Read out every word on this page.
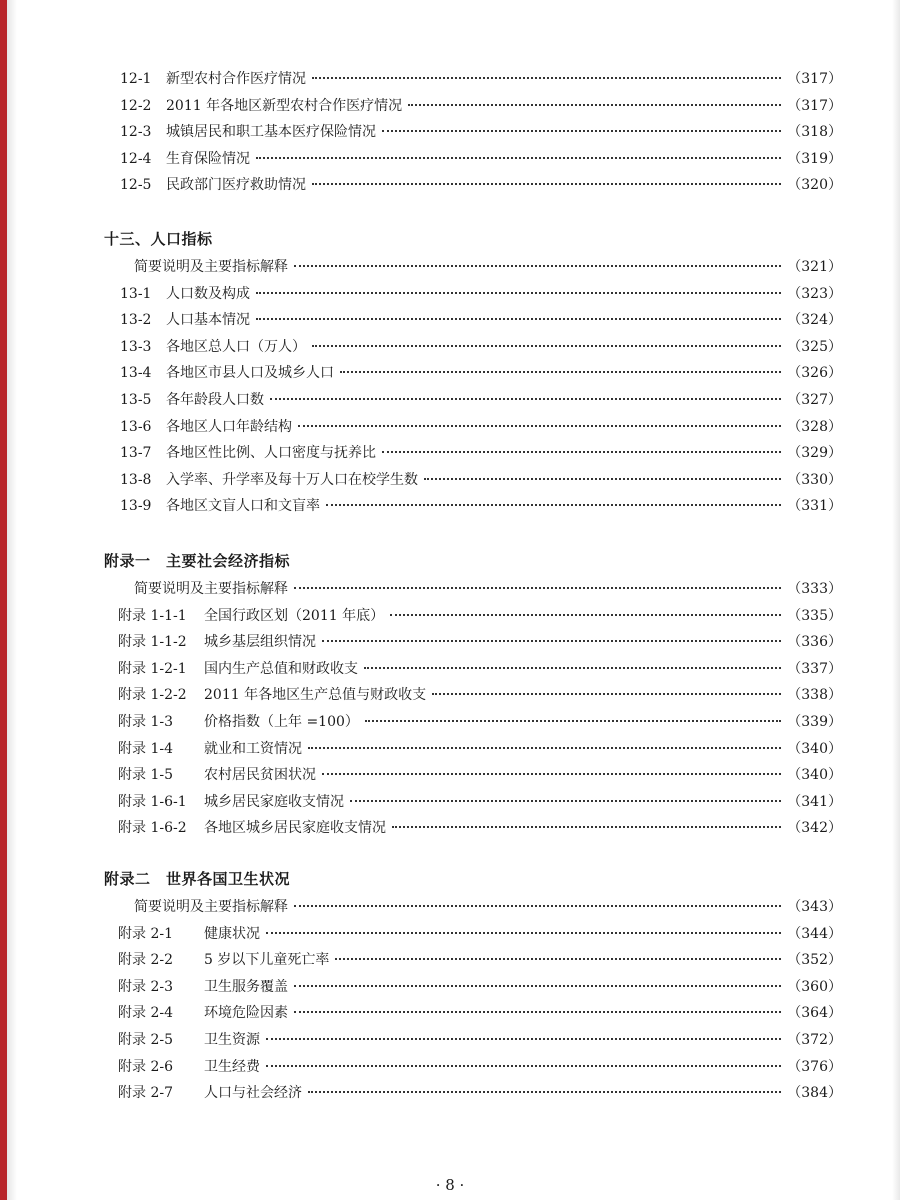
12-1	新型农村合作医疗情况	（317）
12-2	2011 年各地区新型农村合作医疗情况	（317）
12-3	城镇居民和职工基本医疗保险情况	（318）
12-4	生育保险情况	（319）
12-5	民政部门医疗救助情况	（320）
十三、人口指标
简要说明及主要指标解释	（321）
13-1	人口数及构成	（323）
13-2	人口基本情况	（324）
13-3	各地区总人口（万人）	（325）
13-4	各地区市县人口及城乡人口	（326）
13-5	各年龄段人口数	（327）
13-6	各地区人口年龄结构	（328）
13-7	各地区性比例、人口密度与抚养比	（329）
13-8	入学率、升学率及每十万人口在校学生数	（330）
13-9	各地区文盲人口和文盲率	（331）
附录一　主要社会经济指标
简要说明及主要指标解释	（333）
附录 1-1-1	全国行政区划（2011 年底）	（335）
附录 1-1-2	城乡基层组织情况	（336）
附录 1-2-1	国内生产总值和财政收支	（337）
附录 1-2-2	2011 年各地区生产总值与财政收支	（338）
附录 1-3	价格指数（上年 =100）	（339）
附录 1-4	就业和工资情况	（340）
附录 1-5	农村居民贫困状况	（340）
附录 1-6-1	城乡居民家庭收支情况	（341）
附录 1-6-2	各地区城乡居民家庭收支情况	（342）
附录二　世界各国卫生状况
简要说明及主要指标解释	（343）
附录 2-1	健康状况	（344）
附录 2-2	5 岁以下儿童死亡率	（352）
附录 2-3	卫生服务覆盖	（360）
附录 2-4	环境危险因素	（364）
附录 2-5	卫生资源	（372）
附录 2-6	卫生经费	（376）
附录 2-7	人口与社会经济	（384）
· 8 ·
